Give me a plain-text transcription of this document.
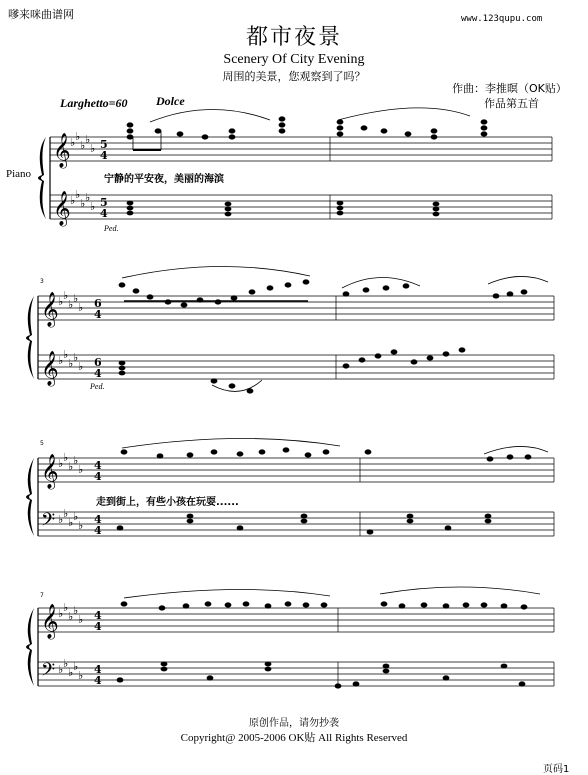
嗲来咪曲谱网	www.123qupu.com
都市夜景
Scenery Of City Evening
周围的美景，您观察到了吗？
作曲：李推暝（OK贴）
作品第五首
Larghetto=60 Dolce
Piano
𝄞
𝄞
𝄞
𝄞
𝄞
𝄢
𝄞
𝄢
♭ ♭
♭ ♭
♭
♭ ♭
♭ ♭
♭
♭ ♭
♭ ♭
♭
♭ ♭
♭ ♭
♭
♭ ♭
♭ ♭
♭
♭ ♭
♭ ♭
♭
♭ ♭
♭ ♭
♭
♭ ♭
♭ ♭
♭
5
4
5
4
6
4
6
4
4
4
4
4
4
4
4
4
3
5
7
Ped.
Ped.
宁静的平安夜，美丽的海滨
走到街上，有些小孩在玩耍......
原创作品，请勿抄袭
Copyright@ 2005-2006 OK贴 All Rights Reserved
页码1
